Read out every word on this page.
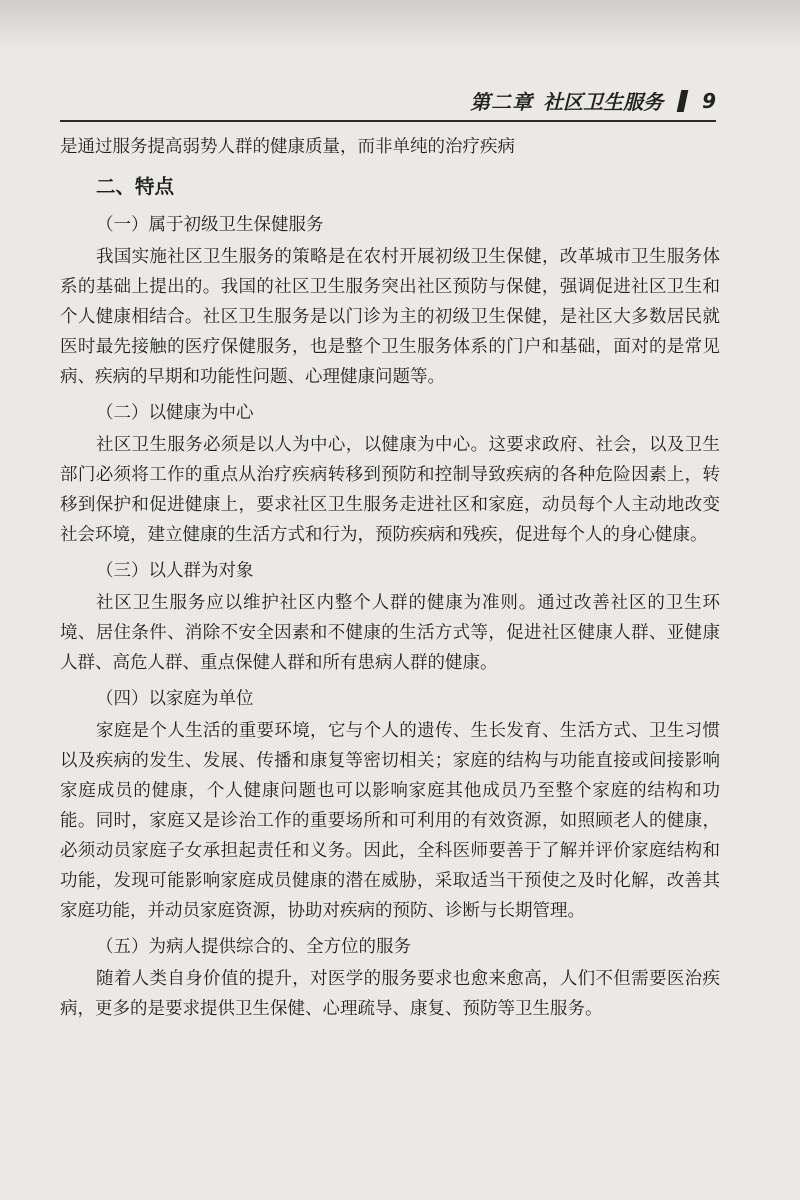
第二章 社区卫生服务 9

是通过服务提高弱势人群的健康质量，而非单纯的治疗疾病

二、特点
（一）属于初级卫生保健服务

我国实施社区卫生服务的策略是在农村开展初级卫生保健，改革城市卫生服务体系的基础上提出的。我国的社区卫生服务突出社区预防与保健，强调促进社区卫生和个人健康相结合。社区卫生服务是以门诊为主的初级卫生保健，是社区大多数居民就医时最先接触的医疗保健服务，也是整个卫生服务体系的门户和基础，面对的是常见病、疾病的早期和功能性问题、心理健康问题等。

（二）以健康为中心

社区卫生服务必须是以人为中心，以健康为中心。这要求政府、社会，以及卫生部门必须将工作的重点从治疗疾病转移到预防和控制导致疾病的各种危险因素上，转移到保护和促进健康上，要求社区卫生服务走进社区和家庭，动员每个人主动地改变社会环境，建立健康的生活方式和行为，预防疾病和残疾，促进每个人的身心健康。

（三）以人群为对象

社区卫生服务应以维护社区内整个人群的健康为准则。通过改善社区的卫生环境、居住条件、消除不安全因素和不健康的生活方式等，促进社区健康人群、亚健康人群、高危人群、重点保健人群和所有患病人群的健康。

（四）以家庭为单位

家庭是个人生活的重要环境，它与个人的遗传、生长发育、生活方式、卫生习惯以及疾病的发生、发展、传播和康复等密切相关；家庭的结构与功能直接或间接影响家庭成员的健康，个人健康问题也可以影响家庭其他成员乃至整个家庭的结构和功能。同时，家庭又是诊治工作的重要场所和可利用的有效资源，如照顾老人的健康，必须动员家庭子女承担起责任和义务。因此，全科医师要善于了解并评价家庭结构和功能，发现可能影响家庭成员健康的潜在威胁，采取适当干预使之及时化解，改善其家庭功能，并动员家庭资源，协助对疾病的预防、诊断与长期管理。

（五）为病人提供综合的、全方位的服务

随着人类自身价值的提升，对医学的服务要求也愈来愈高，人们不但需要医治疾病，更多的是要求提供卫生保健、心理疏导、康复、预防等卫生服务。
